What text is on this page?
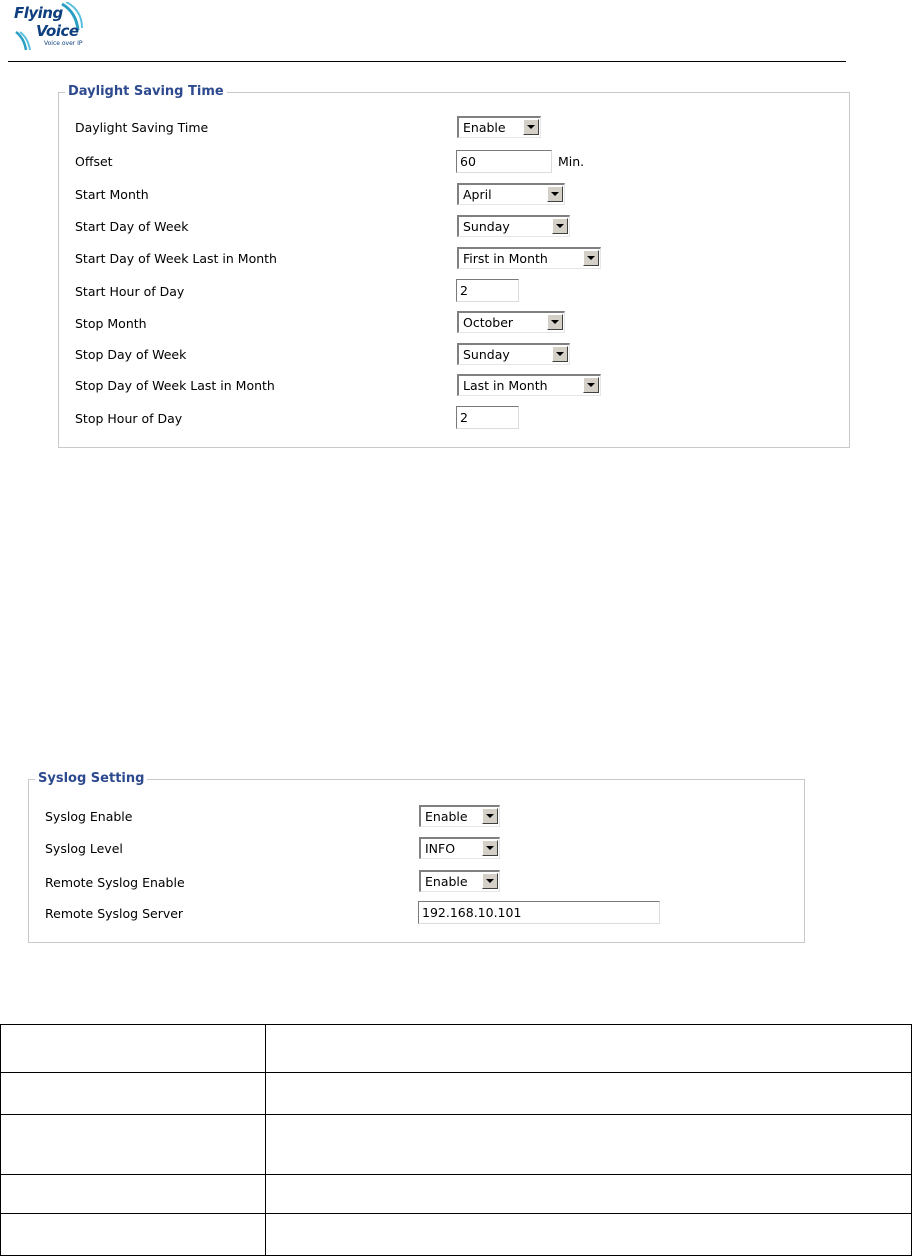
Flying
Voice
Voice over IP
Daylight Saving Time
Daylight Saving Time	Enable
Offset	60	Min.
Start Month	April
Start Day of Week	Sunday
Start Day of Week Last in Month	First in Month
Start Hour of Day	2
Stop Month	October
Stop Day of Week	Sunday
Stop Day of Week Last in Month	Last in Month
Stop Hour of Day	2
Syslog Setting
Syslog Enable	Enable
Syslog Level	INFO
Remote Syslog Enable	Enable
Remote Syslog Server	192.168.10.101
